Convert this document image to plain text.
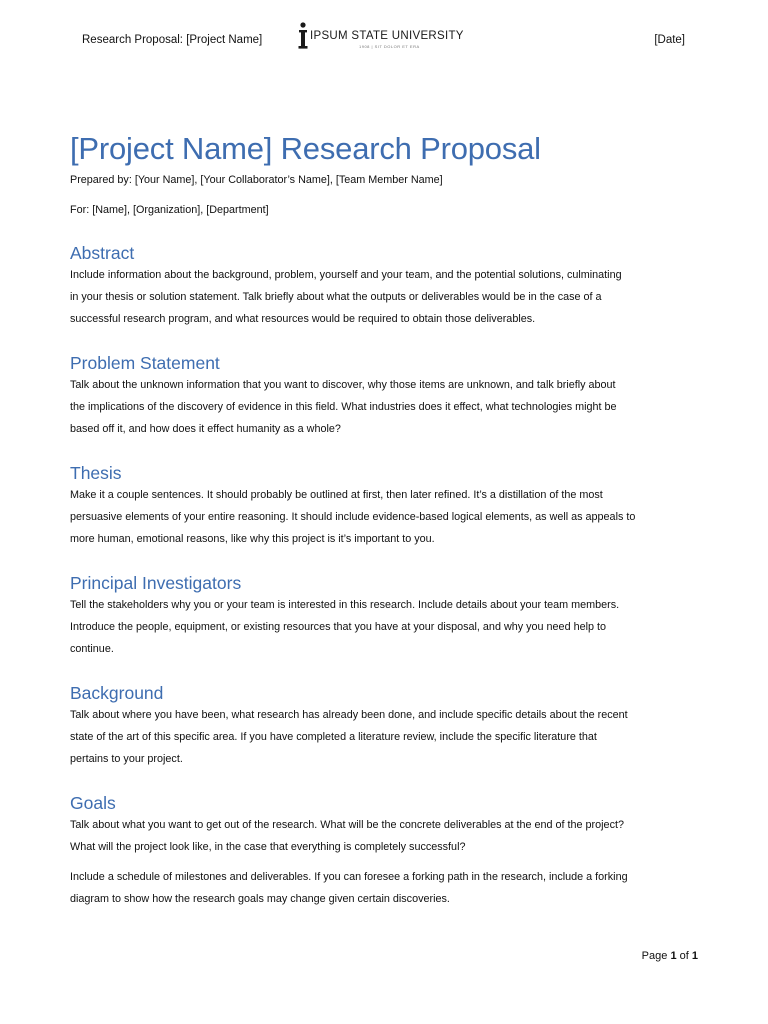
Research Proposal: [Project Name]	IPSUM STATE UNIVERSITY
1908 | SIT DOLOR ET ERA
[Date]
[Project Name] Research Proposal

Prepared by: [Your Name], [Your Collaborator’s Name], [Team Member Name]

For: [Name], [Organization], [Department]

Abstract

Include information about the background, problem, yourself and your team, and the potential solutions, culminating

in your thesis or solution statement. Talk briefly about what the outputs or deliverables would be in the case of a

successful research program, and what resources would be required to obtain those deliverables.

Problem Statement

Talk about the unknown information that you want to discover, why those items are unknown, and talk briefly about

the implications of the discovery of evidence in this field. What industries does it effect, what technologies might be

based off it, and how does it effect humanity as a whole?

Thesis

Make it a couple sentences. It should probably be outlined at first, then later refined. It’s a distillation of the most

persuasive elements of your entire reasoning. It should include evidence-based logical elements, as well as appeals to

more human, emotional reasons, like why this project is it’s important to you.

Principal Investigators

Tell the stakeholders why you or your team is interested in this research. Include details about your team members.

Introduce the people, equipment, or existing resources that you have at your disposal, and why you need help to

continue.

Background

Talk about where you have been, what research has already been done, and include specific details about the recent

state of the art of this specific area. If you have completed a literature review, include the specific literature that

pertains to your project.

Goals

Talk about what you want to get out of the research. What will be the concrete deliverables at the end of the project?

What will the project look like, in the case that everything is completely successful?

Include a schedule of milestones and deliverables. If you can foresee a forking path in the research, include a forking

diagram to show how the research goals may change given certain discoveries.

Page 1 of 1
